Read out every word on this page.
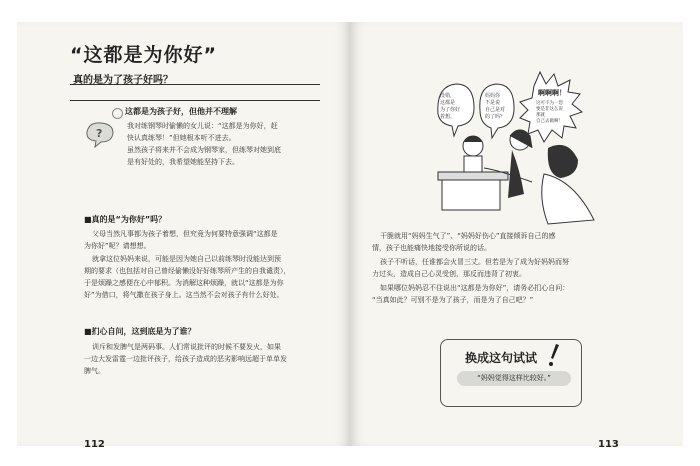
“这都是为你好”
真的是为了孩子好吗？
?
这都是为孩子好，但他并不理解
我对练钢琴时偷懒的女儿说：“这都是为你好，赶
快认真练琴！”但她根本听不进去。
虽然孩子将来并不会成为钢琴家，但练琴对她到底
是有好处的，我希望她能坚持下去。
■真的是“为你好”吗？
父母当然凡事都为孩子着想，但究竟为何要特意强调“这都是
为你好”呢？请想想。
就拿这位妈妈来说，可能是因为她自己以前练琴时没能达到预
期的要求（也包括对自己曾经偷懒没好好练琴所产生的自我谴责），
于是烦躁之感便在心中郁积。为消解这种烦躁，就以“这都是为你
好”为借口，将气撒在孩子身上。这当然不会对孩子有什么好处。
■扪心自问，这到底是为了谁？
训斥和发脾气是两码事。人们常说批评的时候不要发火，如果
一边大发雷霆一边批评孩子，给孩子造成的恶劣影响远超于单单发
脾气。
112
没错，
这都是
为了你好
着想。
妈妈你
不是说
自己是对
的了吗？
啊啊啊！
这可不为一您
要是非这么说
那就
自己去做啊！
干脆就用“妈妈生气了”、“妈妈好伤心”直接倾诉自己的感
情，孩子也能痛快地接受你所说的话。
孩子不听话，任谁都会火冒三丈。但若是为了成为好妈妈而努
力过头，造成自己心灵受创，那反而违背了初衷。
如果哪位妈妈忍不住说出“这都是为你好”，请务必扪心自问：
“当真如此？可别不是为了孩子，而是为了自己吧？”
换成这句试试
“妈妈觉得这样比较好。”
113
